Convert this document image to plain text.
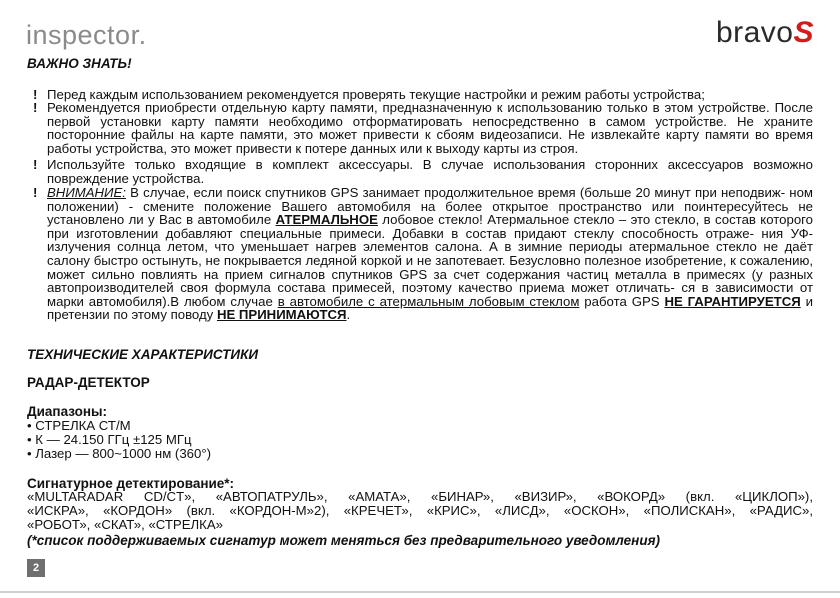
inspector.	bravoS
ВАЖНО ЗНАТЬ!
! Перед каждым использованием рекомендуется проверять текущие настройки и режим работы устройства;
! Рекомендуется приобрести отдельную карту памяти, предназначенную к использованию только в этом устройстве. После первой установки карту памяти необходимо отформатировать непосредственно в самом устройстве. Не храните посторонние файлы на карте памяти, это может привести к сбоям видеозаписи. Не извлекайте карту памяти во время работы устройства, это может привести к потере данных или к выходу карты из строя.
! Используйте только входящие в комплект аксессуары. В случае использования сторонних аксессуаров возможно повреждение устройства.
! ВНИМАНИЕ: В случае, если поиск спутников GPS занимает продолжительное время (больше 20 минут при неподвиж- ном положении) - смените положение Вашего автомобиля на более открытое пространство или поинтересуйтесь не установлено ли у Вас в автомобиле АТЕРМАЛЬНОЕ лобовое стекло! Атермальное стекло – это стекло, в состав которого при изготовлении добавляют специальные примеси. Добавки в состав придают стеклу способность отраже- ния УФ-излучения солнца летом, что уменьшает нагрев элементов салона. А в зимние периоды атермальное стекло не даёт салону быстро остынуть, не покрывается ледяной коркой и не запотевает. Безусловно полезное изобретение, к сожалению, может сильно повлиять на прием сигналов спутников GPS за счет содержания частиц металла в примесях (у разных автопроизводителей своя формула состава примесей, поэтому качество приема может отличать- ся в зависимости от марки автомобиля).В любом случае в автомобиле с атермальным лобовым стеклом работа GPS НЕ ГАРАНТИРУЕТСЯ и претензии по этому поводу НЕ ПРИНИМАЮТСЯ.
ТЕХНИЧЕСКИЕ ХАРАКТЕРИСТИКИ
РАДАР-ДЕТЕКТОР
Диапазоны:
• СТРЕЛКА СТ/М
• К — 24.150 ГГц ±125 МГц
• Лазер — 800~1000 нм (360°)
Сигнатурное детектирование*:
«MULTARADAR CD/CT», «АВТОПАТРУЛЬ», «АМАТА», «БИНАР», «ВИЗИР», «ВОКОРД» (вкл. «ЦИКЛОП»),
«ИСКРА», «КОРДОН» (вкл. «КОРДОН-М»2), «КРЕЧЕТ», «КРИС», «ЛИСД», «ОСКОН», «ПОЛИСКАН», «РАДИС»,
«РОБОТ», «СКАТ», «СТРЕЛКА»
(*список поддерживаемых сигнатур может меняться без предварительного уведомления)
2
